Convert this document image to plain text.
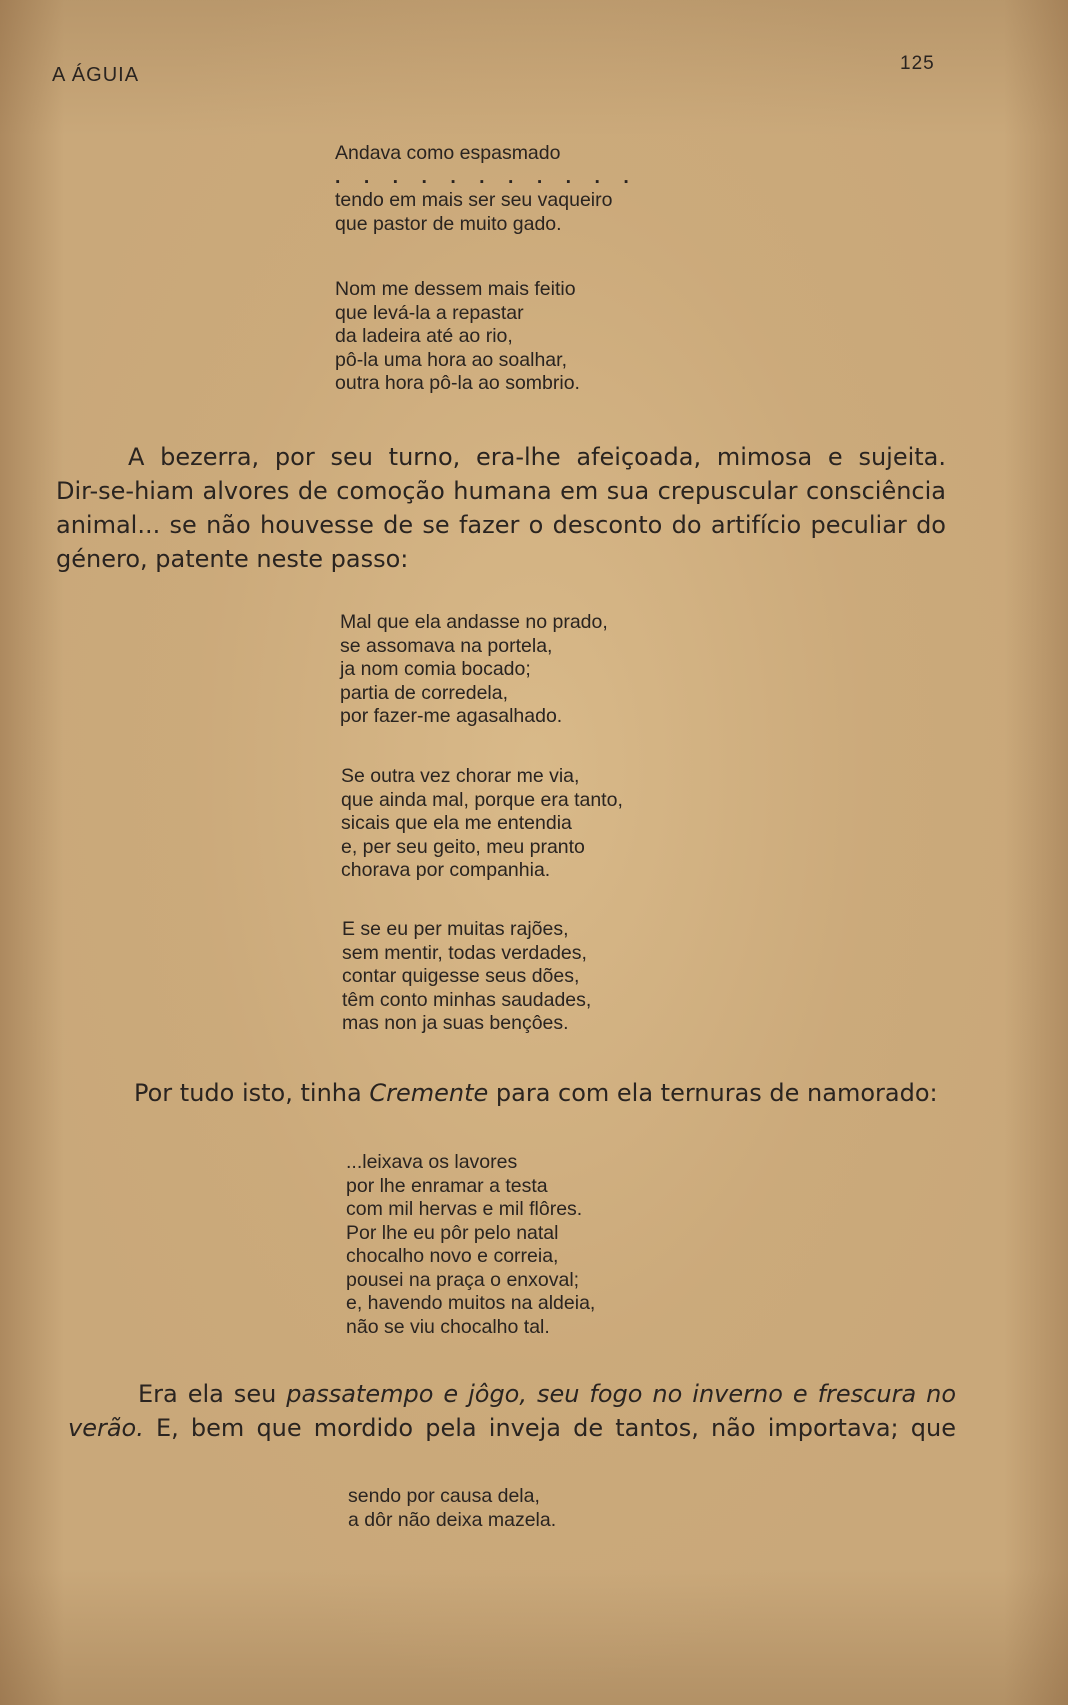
A ÁGUIA
125
Andava como espasmado
. . . . . . . . . . .
tendo em mais ser seu vaqueiro
que pastor de muito gado.
Nom me dessem mais feitio
que levá-la a repastar
da ladeira até ao rio,
pô-la uma hora ao soalhar,
outra hora pô-la ao sombrio.
A bezerra, por seu turno, era-lhe afeiçoada, mimosa e sujeita.
Dir-se-hiam alvores de comoção humana em sua crepuscular consciência
animal... se não houvesse de se fazer o desconto do artifício peculiar do
género, patente neste passo:
Mal que ela andasse no prado,
se assomava na portela,
ja nom comia bocado;
partia de corredela,
por fazer-me agasalhado.
Se outra vez chorar me via,
que ainda mal, porque era tanto,
sicais que ela me entendia
e, per seu geito, meu pranto
chorava por companhia.
E se eu per muitas rajões,
sem mentir, todas verdades,
contar quigesse seus dões,
têm conto minhas saudades,
mas non ja suas bençôes.
Por tudo isto, tinha Cremente para com ela ternuras de namorado:
...leixava os lavores
por lhe enramar a testa
com mil hervas e mil flôres.
Por lhe eu pôr pelo natal
chocalho novo e correia,
pousei na praça o enxoval;
e, havendo muitos na aldeia,
não se viu chocalho tal.
Era ela seu passatempo e jôgo, seu fogo no inverno e frescura no
verão. E, bem que mordido pela inveja de tantos, não importava; que
sendo por causa dela,
a dôr não deixa mazela.
